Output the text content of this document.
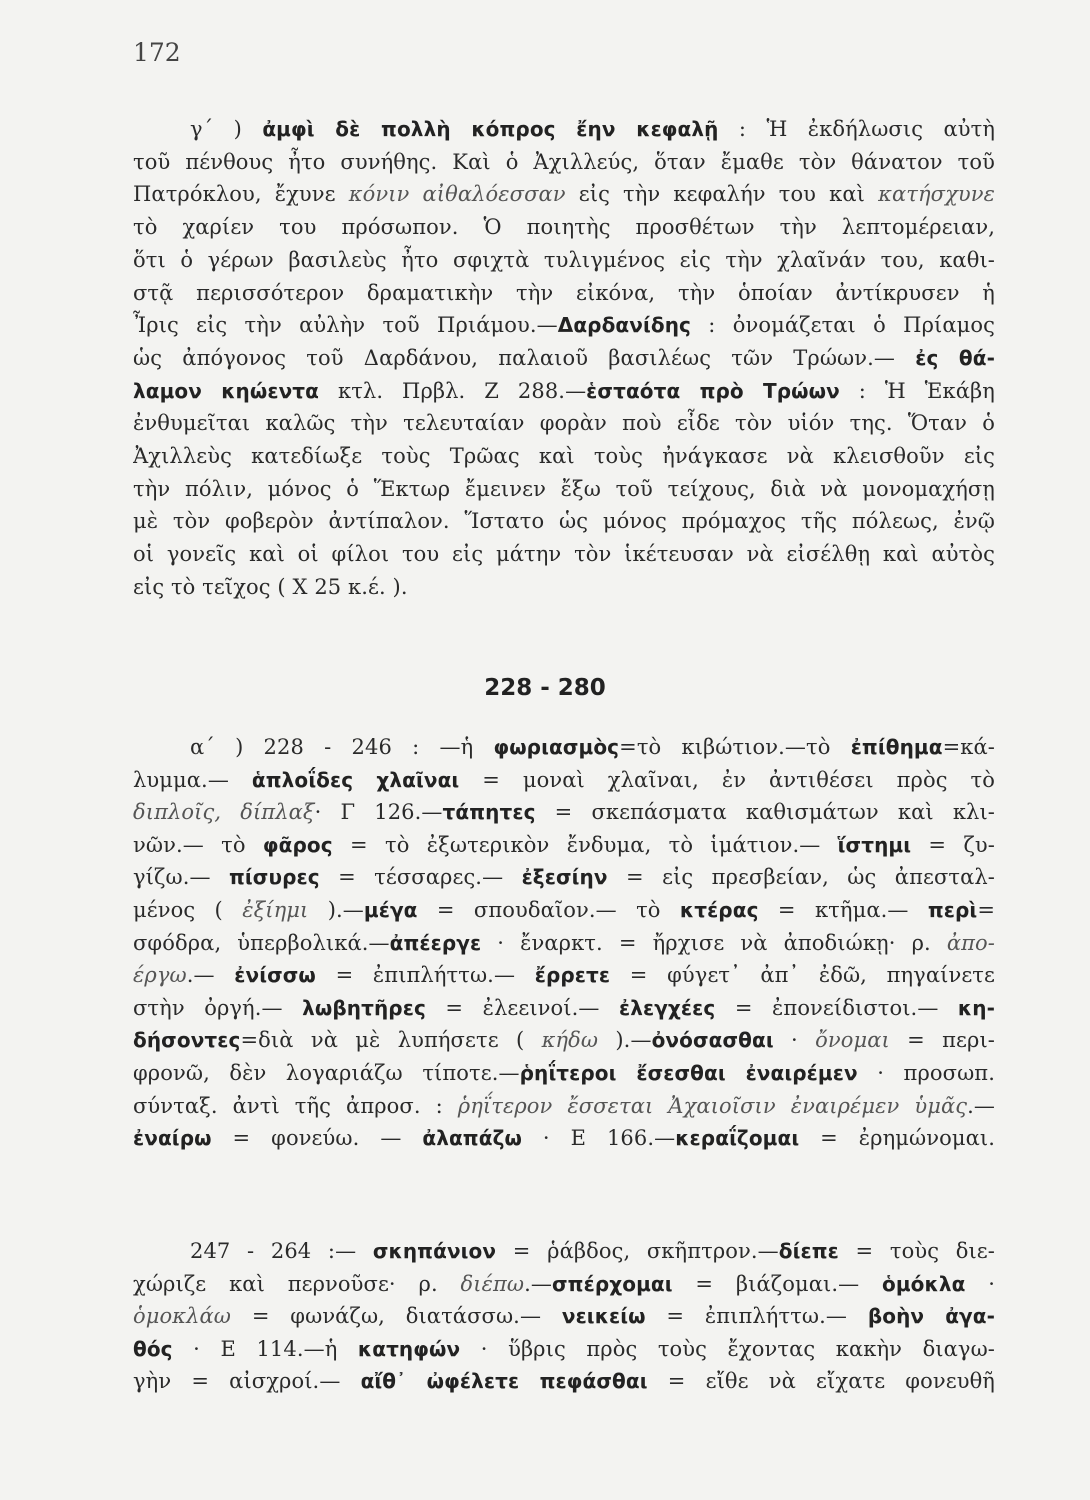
172
γ΄ ) ἀμφὶ δὲ πολλὴ κόπρος ἔην κεφαλῇ : Ἡ ἐκδήλωσις αὐτὴ
τοῦ πένθους ἦτο συνήθης. Καὶ ὁ Ἀχιλλεύς, ὅταν ἔμαθε τὸν θάνατον τοῦ
Πατρόκλου, ἔχυνε κόνιν αἰθαλόεσσαν εἰς τὴν κεφαλήν του καὶ κατήσχυνε
τὸ χαρίεν του πρόσωπον. Ὁ ποιητὴς προσθέτων τὴν λεπτομέρειαν,
ὅτι ὁ γέρων βασιλεὺς ἦτο σφιχτὰ τυλιγμένος εἰς τὴν χλαῖνάν του, καθι-
στᾷ περισσότερον δραματικὴν τὴν εἰκόνα, τὴν ὁποίαν ἀντίκρυσεν ἡ
Ἶρις εἰς τὴν αὐλὴν τοῦ Πριάμου.—Δαρδανίδης : ὀνομάζεται ὁ Πρίαμος
ὡς ἀπόγονος τοῦ Δαρδάνου, παλαιοῦ βασιλέως τῶν Τρώων.— ἐς θά-
λαμον κηώεντα κτλ. Πρβλ. Ζ 288.—ἑσταότα πρὸ Τρώων : Ἡ Ἑκάβη
ἐνθυμεῖται καλῶς τὴν τελευταίαν φορὰν ποὺ εἶδε τὸν υἱόν της. Ὅταν ὁ
Ἀχιλλεὺς κατεδίωξε τοὺς Τρῶας καὶ τοὺς ἠνάγκασε νὰ κλεισθοῦν εἰς
τὴν πόλιν, μόνος ὁ Ἕκτωρ ἔμεινεν ἔξω τοῦ τείχους, διὰ νὰ μονομαχήσῃ
μὲ τὸν φοβερὸν ἀντίπαλον. Ἵστατο ὡς μόνος πρόμαχος τῆς πόλεως, ἐνῷ
οἱ γονεῖς καὶ οἱ φίλοι του εἰς μάτην τὸν ἱκέτευσαν νὰ εἰσέλθῃ καὶ αὐτὸς
εἰς τὸ τεῖχος ( Χ 25 κ.έ. ).
228 - 280
α΄ ) 228 - 246 : —ἡ φωριασμὸς=τὸ κιβώτιον.—τὸ ἐπίθημα=κά-
λυμμα.— ἁπλοΐδες χλαῖναι = μοναὶ χλαῖναι, ἐν ἀντιθέσει πρὸς τὸ
διπλοῖς, δίπλαξ· Γ 126.—τάπητες = σκεπάσματα καθισμάτων καὶ κλι-
νῶν.— τὸ φᾶρος = τὸ ἐξωτερικὸν ἔνδυμα, τὸ ἱμάτιον.— ἵστημι = ζυ-
γίζω.— πίσυρες = τέσσαρες.— ἐξεσίην = εἰς πρεσβείαν, ὡς ἀπεσταλ-
μένος ( ἐξίημι ).—μέγα = σπουδαῖον.— τὸ κτέρας = κτῆμα.— περὶ=
σφόδρα, ὑπερβολικά.—ἀπέεργε · ἔναρκτ. = ἤρχισε νὰ ἀποδιώκῃ· ρ. ἀπο-
έργω.— ἐνίσσω = ἐπιπλήττω.— ἔρρετε = φύγετ᾽ ἀπ᾽ ἐδῶ, πηγαίνετε
στὴν ὀργή.— λωβητῆρες = ἐλεεινοί.— ἐλεγχέες = ἐπονείδιστοι.— κη-
δήσοντες=διὰ νὰ μὲ λυπήσετε ( κήδω ).—ὀνόσασθαι · ὄνομαι = περι-
φρονῶ, δὲν λογαριάζω τίποτε.—ῥηΐτεροι ἔσεσθαι ἐναιρέμεν · προσωπ.
σύνταξ. ἀντὶ τῆς ἀπροσ. : ῥηΐτερον ἔσσεται Ἀχαιοῖσιν ἐναιρέμεν ὑμᾶς.—
ἐναίρω = φονεύω. — ἀλαπάζω · Ε 166.—κεραΐζομαι = ἐρημώνομαι.
247 - 264 :— σκηπάνιον = ῥάβδος, σκῆπτρον.—δίεπε = τοὺς διε-
χώριζε καὶ περνοῦσε· ρ. διέπω.—σπέρχομαι = βιάζομαι.— ὁμόκλα ·
ὁμοκλάω = φωνάζω, διατάσσω.— νεικείω = ἐπιπλήττω.— βοὴν ἀγα-
θός · Ε 114.—ἡ κατηφών · ὕβρις πρὸς τοὺς ἔχοντας κακὴν διαγω-
γὴν = αἰσχροί.— αἴθ᾽ ὠφέλετε πεφάσθαι = εἴθε νὰ εἴχατε φονευθῆ
